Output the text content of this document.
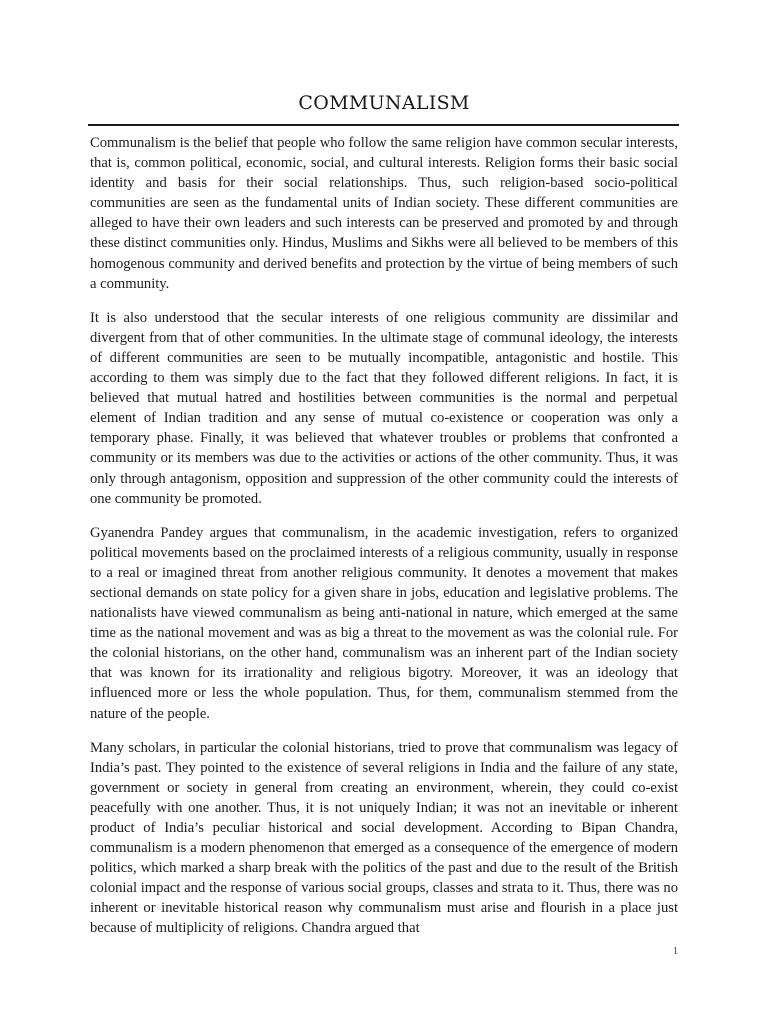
COMMUNALISM

Communalism is the belief that people who follow the same religion have common secular interests, that is, common political, economic, social, and cultural interests. Religion forms their basic social identity and basis for their social relationships. Thus, such religion-based socio-political communities are seen as the fundamental units of Indian society. These different communities are alleged to have their own leaders and such interests can be preserved and promoted by and through these distinct communities only. Hindus, Muslims and Sikhs were all believed to be members of this homogenous community and derived benefits and protection by the virtue of being members of such a community.

It is also understood that the secular interests of one religious community are dissimilar and divergent from that of other communities. In the ultimate stage of communal ideology, the interests of different communities are seen to be mutually incompatible, antagonistic and hostile. This according to them was simply due to the fact that they followed different religions. In fact, it is believed that mutual hatred and hostilities between communities is the normal and perpetual element of Indian tradition and any sense of mutual co-existence or cooperation was only a temporary phase. Finally, it was believed that whatever troubles or problems that confronted a community or its members was due to the activities or actions of the other community. Thus, it was only through antagonism, opposition and suppression of the other community could the interests of one community be promoted.

Gyanendra Pandey argues that communalism, in the academic investigation, refers to organized political movements based on the proclaimed interests of a religious community, usually in response to a real or imagined threat from another religious community. It denotes a movement that makes sectional demands on state policy for a given share in jobs, education and legislative problems. The nationalists have viewed communalism as being anti-national in nature, which emerged at the same time as the national movement and was as big a threat to the movement as was the colonial rule. For the colonial historians, on the other hand, communalism was an inherent part of the Indian society that was known for its irrationality and religious bigotry. Moreover, it was an ideology that influenced more or less the whole population. Thus, for them, communalism stemmed from the nature of the people.

Many scholars, in particular the colonial historians, tried to prove that communalism was legacy of India’s past. They pointed to the existence of several religions in India and the failure of any state, government or society in general from creating an environment, wherein, they could co-exist peacefully with one another. Thus, it is not uniquely Indian; it was not an inevitable or inherent product of India’s peculiar historical and social development. According to Bipan Chandra, communalism is a modern phenomenon that emerged as a consequence of the emergence of modern politics, which marked a sharp break with the politics of the past and due to the result of the British colonial impact and the response of various social groups, classes and strata to it. Thus, there was no inherent or inevitable historical reason why communalism must arise and flourish in a place just because of multiplicity of religions. Chandra argued that

1
